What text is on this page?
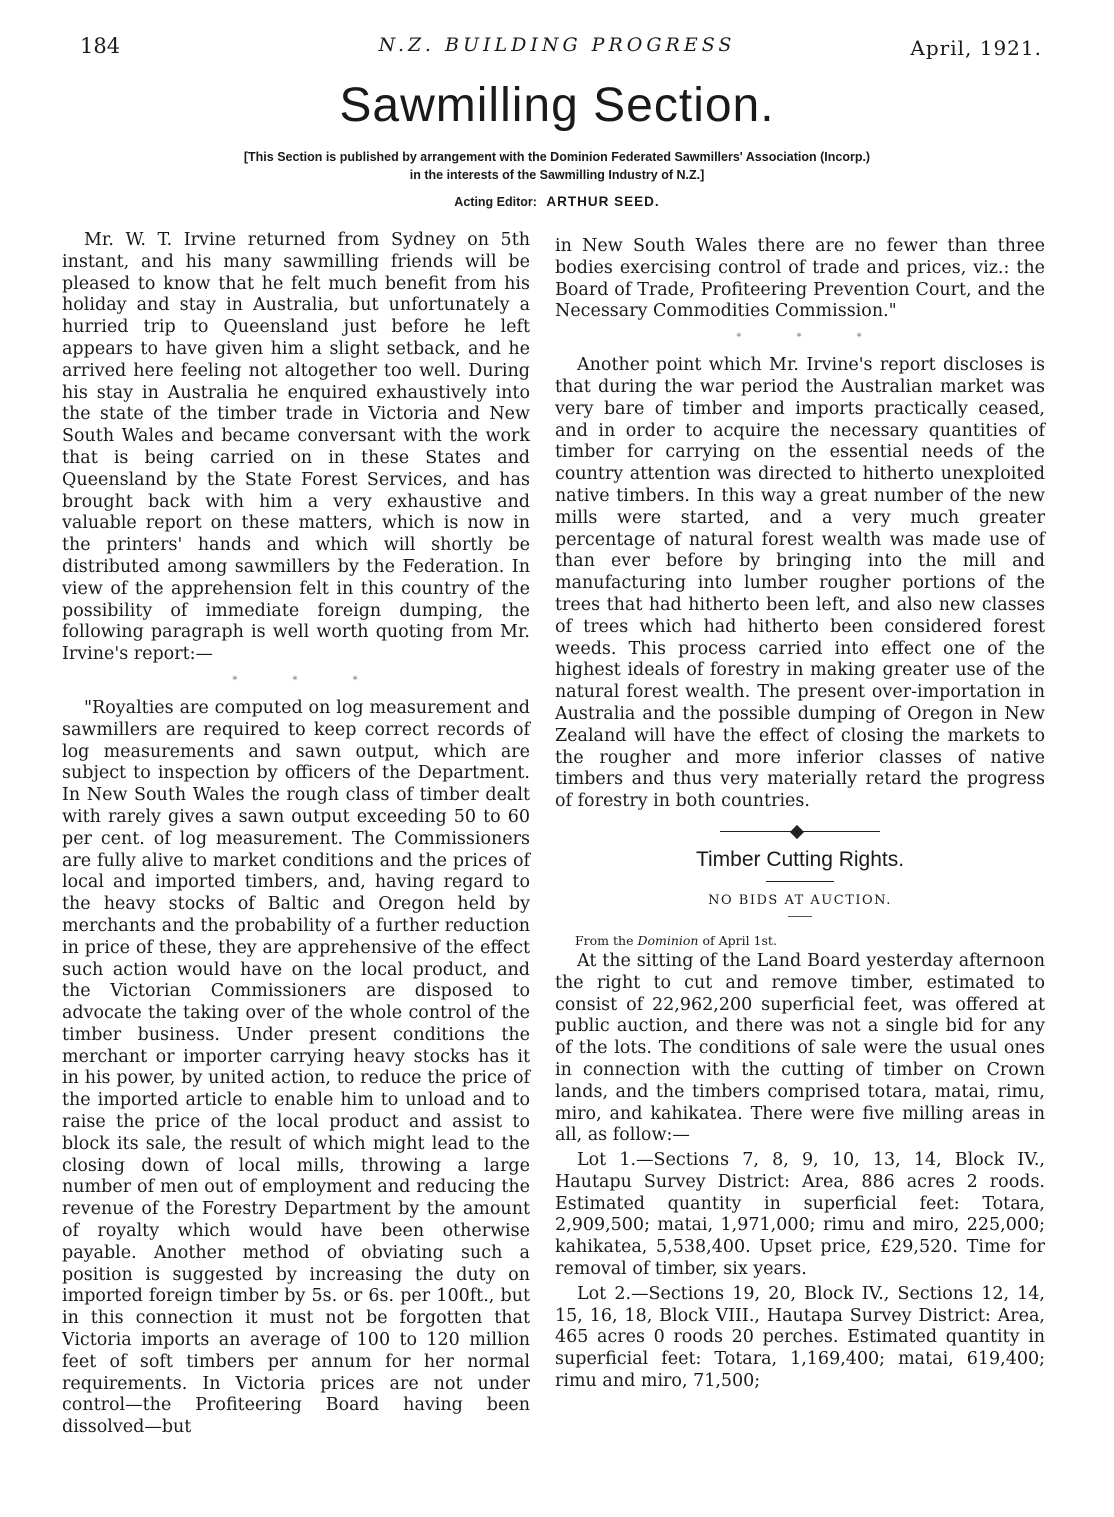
184	N.Z. BUILDING PROGRESS	April, 1921.
Sawmilling Section.
[This Section is published by arrangement with the Dominion Federated Sawmillers' Association (Incorp.)
in the interests of the Sawmilling Industry of N.Z.]
Acting Editor: ARTHUR SEED.

Mr. W. T. Irvine returned from Sydney on 5th instant, and his many sawmilling friends will be pleased to know that he felt much benefit from his holiday and stay in Australia, but unfortunately a hurried trip to Queensland just before he left appears to have given him a slight setback, and he arrived here feeling not altogether too well. During his stay in Australia he enquired exhaustively into the state of the timber trade in Victoria and New South Wales and became conversant with the work that is being carried on in these States and Queensland by the State Forest Services, and has brought back with him a very exhaustive and valuable report on these matters, which is now in the printers' hands and which will shortly be distributed among sawmillers by the Federation. In view of the apprehension felt in this country of the possibility of immediate foreign dumping, the following paragraph is well worth quoting from Mr. Irvine's report:—

* * *

"Royalties are computed on log measurement and sawmillers are required to keep correct records of log measurements and sawn output, which are subject to inspection by officers of the Department. In New South Wales the rough class of timber dealt with rarely gives a sawn output exceeding 50 to 60 per cent. of log measurement. The Commissioners are fully alive to market conditions and the prices of local and imported timbers, and, having regard to the heavy stocks of Baltic and Oregon held by merchants and the probability of a further reduction in price of these, they are apprehensive of the effect such action would have on the local product, and the Victorian Commissioners are disposed to advocate the taking over of the whole control of the timber business. Under present conditions the merchant or importer carrying heavy stocks has it in his power, by united action, to reduce the price of the imported article to enable him to unload and to raise the price of the local product and assist to block its sale, the result of which might lead to the closing down of local mills, throwing a large number of men out of employment and reducing the revenue of the Forestry Department by the amount of royalty which would have been otherwise payable. Another method of obviating such a position is suggested by increasing the duty on imported foreign timber by 5s. or 6s. per 100ft., but in this connection it must not be forgotten that Victoria imports an average of 100 to 120 million feet of soft timbers per annum for her normal requirements. In Victoria prices are not under control—the Profiteering Board having been dissolved—but

in New South Wales there are no fewer than three bodies exercising control of trade and prices, viz.: the Board of Trade, Profiteering Prevention Court, and the Necessary Commodities Commission."

* * *

Another point which Mr. Irvine's report discloses is that during the war period the Australian market was very bare of timber and imports practically ceased, and in order to acquire the necessary quantities of timber for carrying on the essential needs of the country attention was directed to hitherto unexploited native timbers. In this way a great number of the new mills were started, and a very much greater percentage of natural forest wealth was made use of than ever before by bringing into the mill and manufacturing into lumber rougher portions of the trees that had hitherto been left, and also new classes of trees which had hitherto been considered forest weeds. This process carried into effect one of the highest ideals of forestry in making greater use of the natural forest wealth. The present over-importation in Australia and the possible dumping of Oregon in New Zealand will have the effect of closing the markets to the rougher and more inferior classes of native timbers and thus very materially retard the progress of forestry in both countries.

Timber Cutting Rights.
NO BIDS AT AUCTION.
From the Dominion of April 1st.

At the sitting of the Land Board yesterday afternoon the right to cut and remove timber, estimated to consist of 22,962,200 superficial feet, was offered at public auction, and there was not a single bid for any of the lots. The conditions of sale were the usual ones in connection with the cutting of timber on Crown lands, and the timbers comprised totara, matai, rimu, miro, and kahikatea. There were five milling areas in all, as follow:—

Lot 1.—Sections 7, 8, 9, 10, 13, 14, Block IV., Hautapu Survey District: Area, 886 acres 2 roods. Estimated quantity in superficial feet: Totara, 2,909,500; matai, 1,971,000; rimu and miro, 225,000; kahikatea, 5,538,400. Upset price, £29,520. Time for removal of timber, six years.

Lot 2.—Sections 19, 20, Block IV., Sections 12, 14, 15, 16, 18, Block VIII., Hautapa Survey District: Area, 465 acres 0 roods 20 perches. Estimated quantity in superficial feet: Totara, 1,169,400; matai, 619,400; rimu and miro, 71,500;
